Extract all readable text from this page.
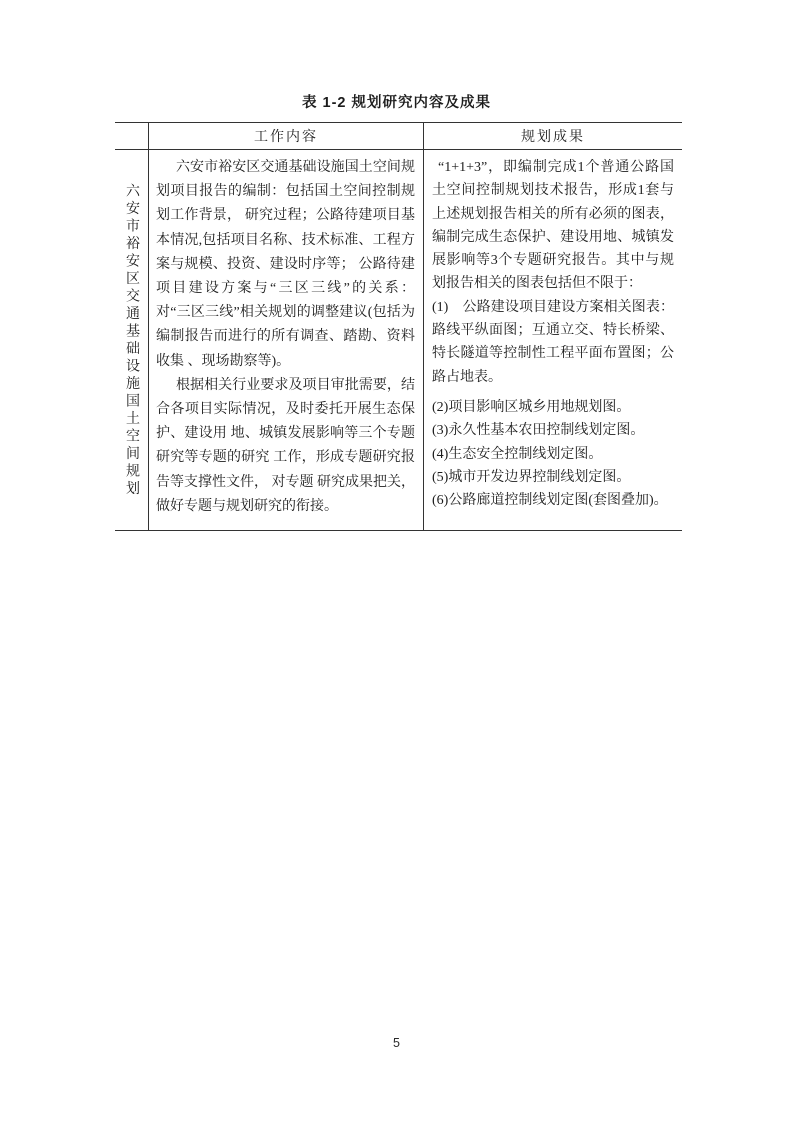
表 1-2 规划研究内容及成果
工作内容	规划成果
六安市裕安区交通基础设施国土空间规划

六安市裕安区交通基础设施国土空间规划项目报告的编制：包括国土空间控制规划工作背景， 研究过程；公路待建项目基本情况,包括项目名称、技术标准、工程方案与规模、投资、建设时序等； 公路待建项目建设方案与“三区三线”的关系： 对“三区三线”相关规划的调整建议(包括为编制报告而进行的所有调查、踏勘、资料收集 、现场勘察等)。

根据相关行业要求及项目审批需要，结合各项目实际情况，及时委托开展生态保护、建设用 地、城镇发展影响等三个专题研究等专题的研究 工作，形成专题研究报告等支撑性文件， 对专题 研究成果把关，做好专题与规划研究的衔接。

“1+1+3”，即编制完成1个普通公路国土空间控制规划技术报告，形成1套与上述规划报告相关的所有必须的图表，编制完成生态保护、建设用地、城镇发展影响等3个专题研究报告。其中与规划报告相关的图表包括但不限于：

(1)　公路建设项目建设方案相关图表：路线平纵面图；互通立交、特长桥梁、特长隧道等控制性工程平面布置图；公路占地表。

(2)项目影响区城乡用地规划图。

(3)永久性基本农田控制线划定图。

(4)生态安全控制线划定图。

(5)城市开发边界控制线划定图。

(6)公路廊道控制线划定图(套图叠加)。

5
